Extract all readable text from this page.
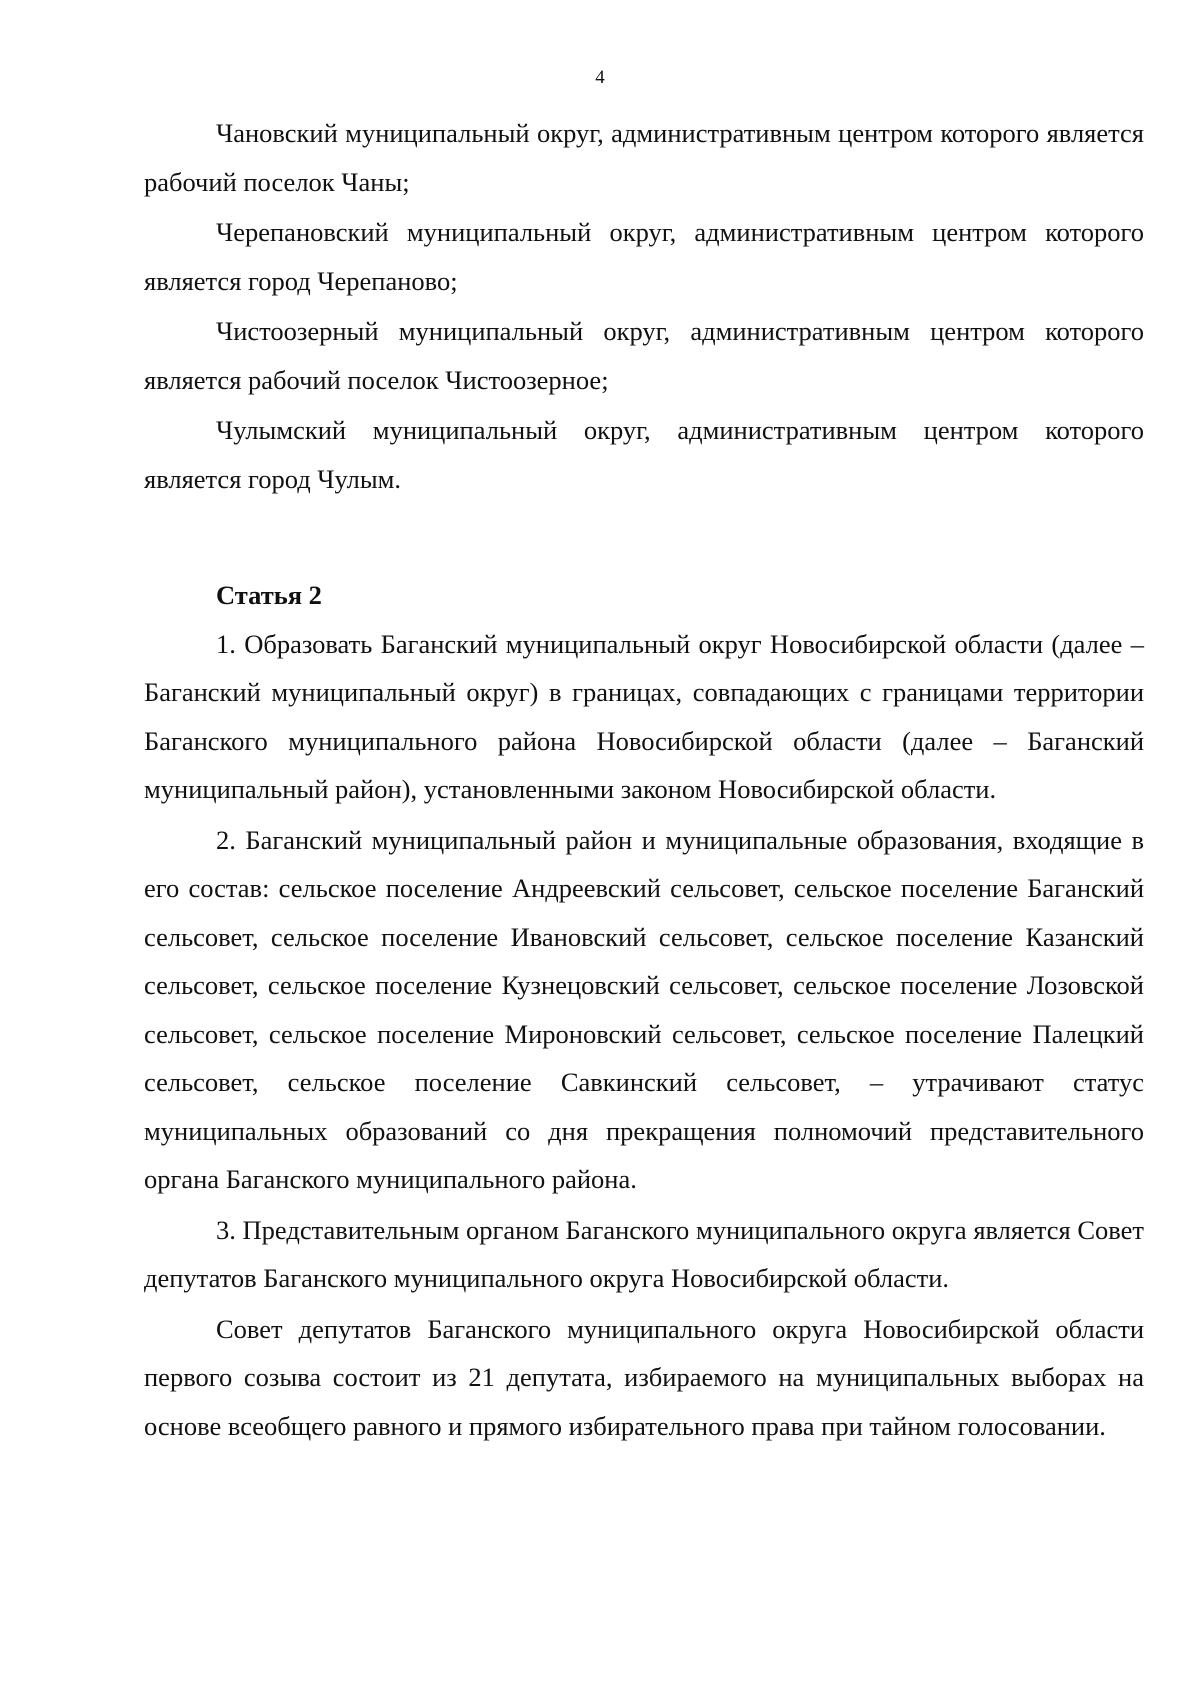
4

Чановский муниципальный округ, административным центром которого является рабочий поселок Чаны;

Черепановский муниципальный округ, административным центром которого является город Черепаново;

Чистоозерный муниципальный округ, административным центром которого является рабочий поселок Чистоозерное;

Чулымский муниципальный округ, административным центром которого является город Чулым.

Статья 2

1. Образовать Баганский муниципальный округ Новосибирской области (далее – Баганский муниципальный округ) в границах, совпадающих с границами территории Баганского муниципального района Новосибирской области (далее – Баганский муниципальный район), установленными законом Новосибирской области.

2. Баганский муниципальный район и муниципальные образования, входящие в его состав: сельское поселение Андреевский сельсовет, сельское поселение Баганский сельсовет, сельское поселение Ивановский сельсовет, сельское поселение Казанский сельсовет, сельское поселение Кузнецовский сельсовет, сельское поселение Лозовской сельсовет, сельское поселение Мироновский сельсовет, сельское поселение Палецкий сельсовет, сельское поселение Савкинский сельсовет, – утрачивают статус муниципальных образований со дня прекращения полномочий представительного органа Баганского муниципального района.

3. Представительным органом Баганского муниципального округа является Совет депутатов Баганского муниципального округа Новосибирской области.

Совет депутатов Баганского муниципального округа Новосибирской области первого созыва состоит из 21 депутата, избираемого на муниципальных выборах на основе всеобщего равного и прямого избирательного права при тайном голосовании.
